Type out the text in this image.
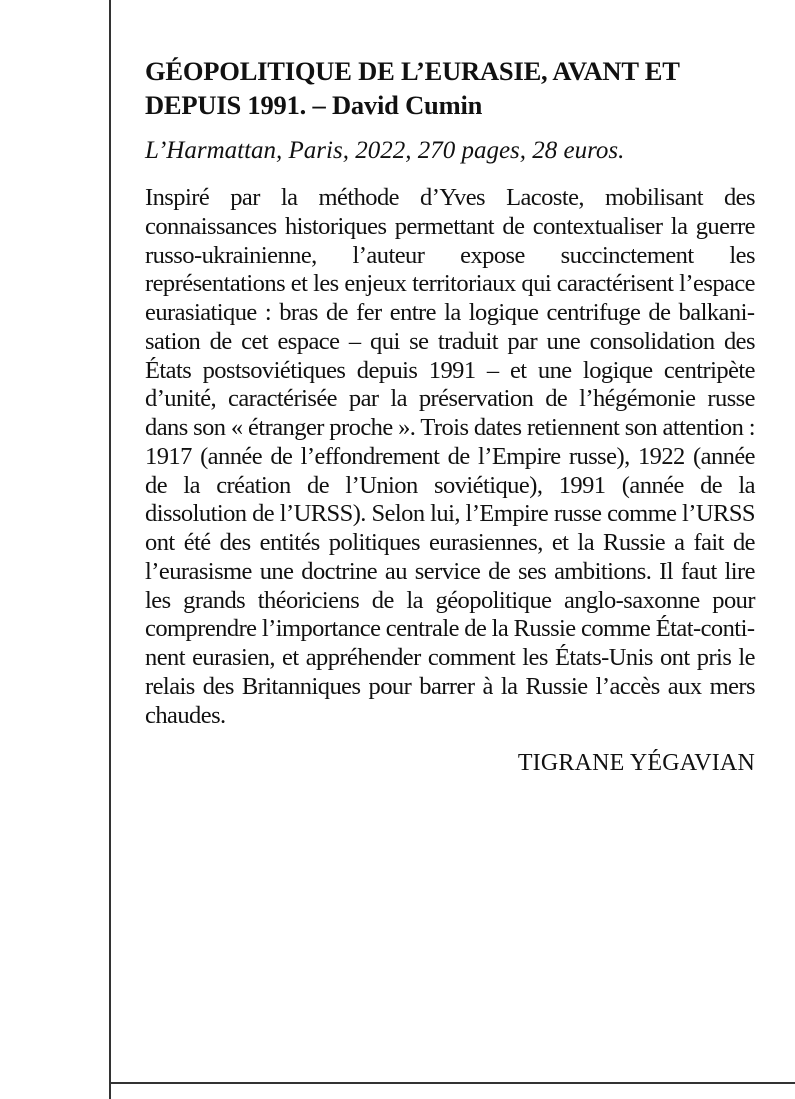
GÉOPOLITIQUE DE L’EURASIE, AVANT ET DEPUIS 1991. – David Cumin

L’Harmattan, Paris, 2022, 270 pages, 28 euros.

Inspiré par la méthode d’Yves Lacoste, mobilisant des connaissances historiques permettant de contextualiser la guerre russo-ukrainienne, l’auteur expose succinctement les représentations et les enjeux territoriaux qui caractérisent l’espace eurasiatique : bras de fer entre la logique centrifuge de balkanisation de cet espace – qui se traduit par une consolidation des États postsoviétiques depuis 1991 – et une logique centripète d’unité, caractérisée par la préservation de l’hégémonie russe dans son « étranger proche ». Trois dates retiennent son attention : 1917 (année de l’effondrement de l’Empire russe), 1922 (année de la création de l’Union soviétique), 1991 (année de la dissolution de l’URSS). Selon lui, l’Empire russe comme l’URSS ont été des entités politiques eurasiennes, et la Russie a fait de l’eurasisme une doctrine au service de ses ambitions. Il faut lire les grands théoriciens de la géopolitique anglo-saxonne pour comprendre l’importance centrale de la Russie comme État-continent eurasien, et appréhender comment les États-Unis ont pris le relais des Britanniques pour barrer à la Russie l’accès aux mers chaudes.

TIGRANE YÉGAVIAN
